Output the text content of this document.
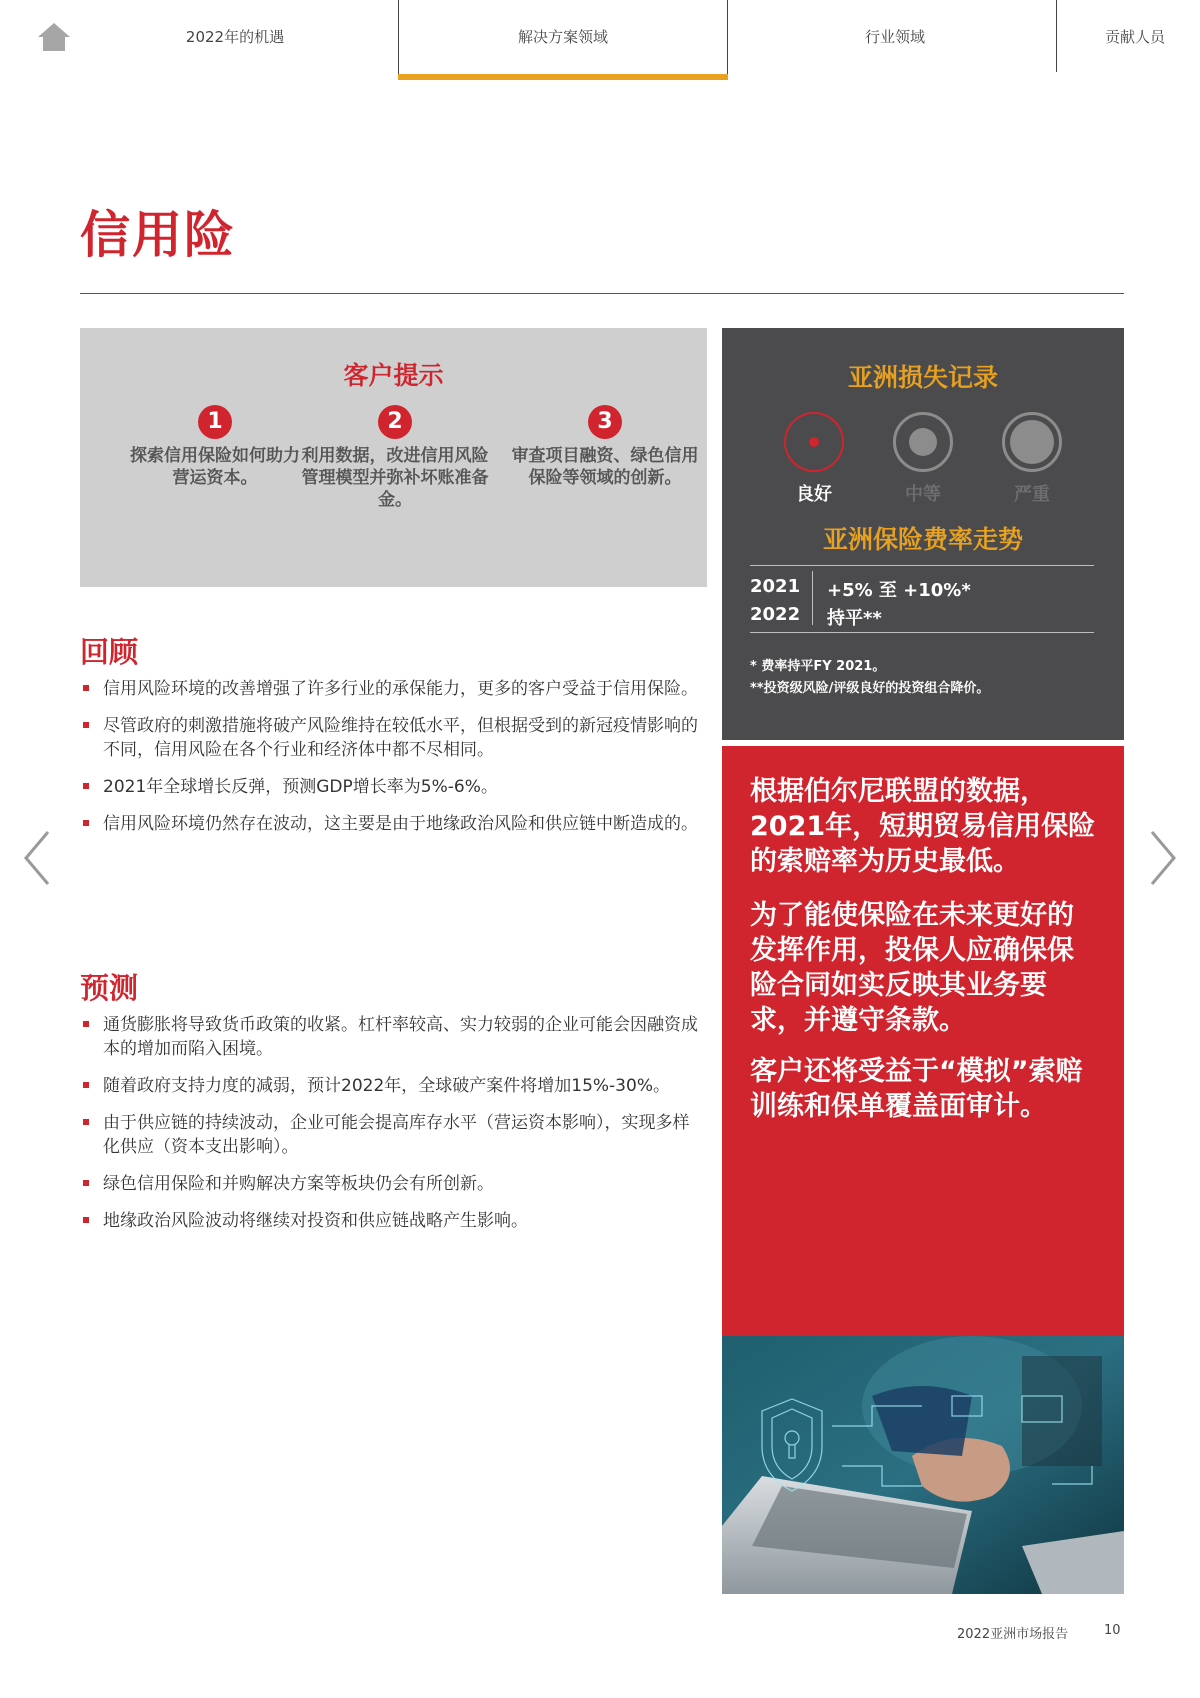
2022年的机遇	解决方案领域	行业领域	贡献人员
信用险
客户提示
1
探索信用保险如何助力营运资本。
2
利用数据，改进信用风险管理模型并弥补坏账准备金。
3
审查项目融资、绿色信用保险等领域的创新。
亚洲损失记录
良好	中等	严重
亚洲保险费率走势
2021 +5% 至 +10%*
2022 持平**
* 费率持平FY 2021。
**投资级风险/评级良好的投资组合降价。
根据伯尔尼联盟的数据，2021年，短期贸易信用保险的索赔率为历史最低。
为了能使保险在未来更好的发挥作用，投保人应确保保险合同如实反映其业务要求，并遵守条款。
客户还将受益于“模拟”索赔训练和保单覆盖面审计。
回顾
信用风险环境的改善增强了许多行业的承保能力，更多的客户受益于信用保险。
尽管政府的刺激措施将破产风险维持在较低水平，但根据受到的新冠疫情影响的不同，信用风险在各个行业和经济体中都不尽相同。
2021年全球增长反弹，预测GDP增长率为5%-6%。
信用风险环境仍然存在波动，这主要是由于地缘政治风险和供应链中断造成的。
预测
通货膨胀将导致货币政策的收紧。杠杆率较高、实力较弱的企业可能会因融资成本的增加而陷入困境。
随着政府支持力度的减弱，预计2022年，全球破产案件将增加15%-30%。
由于供应链的持续波动，企业可能会提高库存水平（营运资本影响），实现多样化供应（资本支出影响）。
绿色信用保险和并购解决方案等板块仍会有所创新。
地缘政治风险波动将继续对投资和供应链战略产生影响。
2022亚洲市场报告	10
